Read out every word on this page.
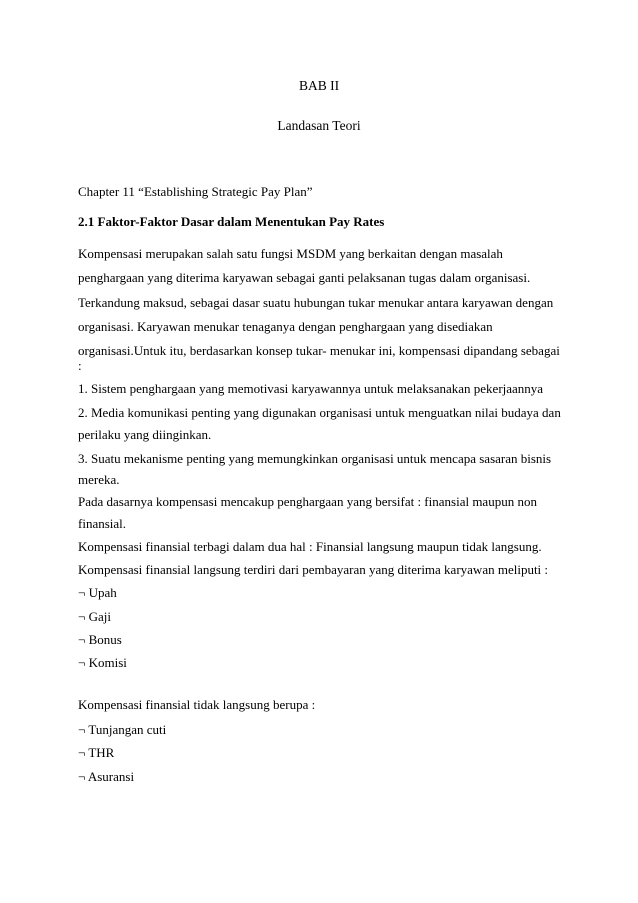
BAB II
Landasan Teori
Chapter 11 “Establishing Strategic Pay Plan”
2.1 Faktor-Faktor Dasar dalam Menentukan Pay Rates
Kompensasi merupakan salah satu fungsi MSDM yang berkaitan dengan masalah
penghargaan yang diterima karyawan sebagai ganti pelaksanan tugas dalam organisasi.
Terkandung maksud, sebagai dasar suatu hubungan tukar menukar antara karyawan dengan
organisasi. Karyawan menukar tenaganya dengan penghargaan yang disediakan
organisasi.Untuk itu, berdasarkan konsep tukar- menukar ini, kompensasi dipandang sebagai
:
1. Sistem penghargaan yang memotivasi karyawannya untuk melaksanakan pekerjaannya
2. Media komunikasi penting yang digunakan organisasi untuk menguatkan nilai budaya dan
perilaku yang diinginkan.
3. Suatu mekanisme penting yang memungkinkan organisasi untuk mencapa sasaran bisnis
mereka.
Pada dasarnya kompensasi mencakup penghargaan yang bersifat : finansial maupun non
finansial.
Kompensasi finansial terbagi dalam dua hal : Finansial langsung maupun tidak langsung.
Kompensasi finansial langsung terdiri dari pembayaran yang diterima karyawan meliputi :
¬ Upah
¬ Gaji
¬ Bonus
¬ Komisi
Kompensasi finansial tidak langsung berupa :
¬ Tunjangan cuti
¬ THR
¬ Asuransi
